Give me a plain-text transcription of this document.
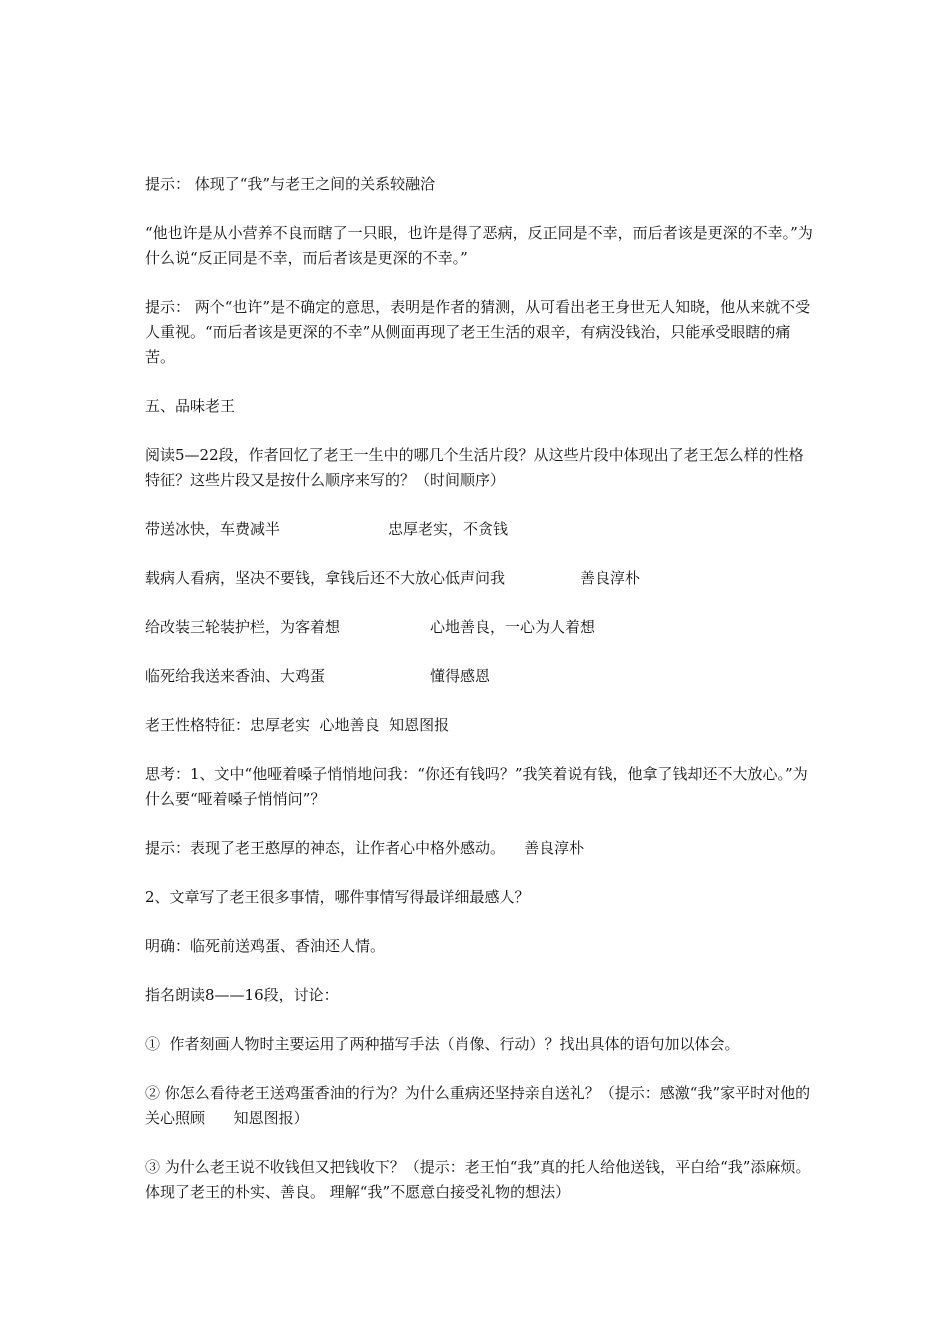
提示： 体现了“我”与老王之间的关系较融洽

“他也许是从小营养不良而瞎了一只眼，也许是得了恶病，反正同是不幸，而后者该是更深的不幸。”为什么说“反正同是不幸，而后者该是更深的不幸。”

提示： 两个“也许”是不确定的意思，表明是作者的猜测，从可看出老王身世无人知晓，他从来就不受人重视。“而后者该是更深的不幸”从侧面再现了老王生活的艰辛，有病没钱治，只能承受眼瞎的痛苦。

五、品味老王

阅读5—22段，作者回忆了老王一生中的哪几个生活片段？从这些片段中体现出了老王怎么样的性格特征？这些片段又是按什么顺序来写的？（时间顺序）

带送冰快，车费减半	忠厚老实，不贪钱
载病人看病，坚决不要钱，拿钱后还不大放心低声问我	善良淳朴
给改装三轮装护栏，为客着想	心地善良，一心为人着想
临死给我送来香油、大鸡蛋	懂得感恩

老王性格特征：忠厚老实  心地善良  知恩图报

思考：1、文中“他哑着嗓子悄悄地问我：“你还有钱吗？”我笑着说有钱，他拿了钱却还不大放心。”为什么要“哑着嗓子悄悄问”？

提示：表现了老王憨厚的神态，让作者心中格外感动。    善良淳朴

2、文章写了老王很多事情，哪件事情写得最详细最感人？

明确：临死前送鸡蛋、香油还人情。

指名朗读8——16段，讨论：

①  作者刻画人物时主要运用了两种描写手法（肖像、行动）？找出具体的语句加以体会。

② 你怎么看待老王送鸡蛋香油的行为？为什么重病还坚持亲自送礼？（提示：感激“我”家平时对他的关心照顾      知恩图报）

③ 为什么老王说不收钱但又把钱收下？（提示：老王怕“我”真的托人给他送钱，平白给“我”添麻烦。体现了老王的朴实、善良。 理解“我”不愿意白接受礼物的想法）
